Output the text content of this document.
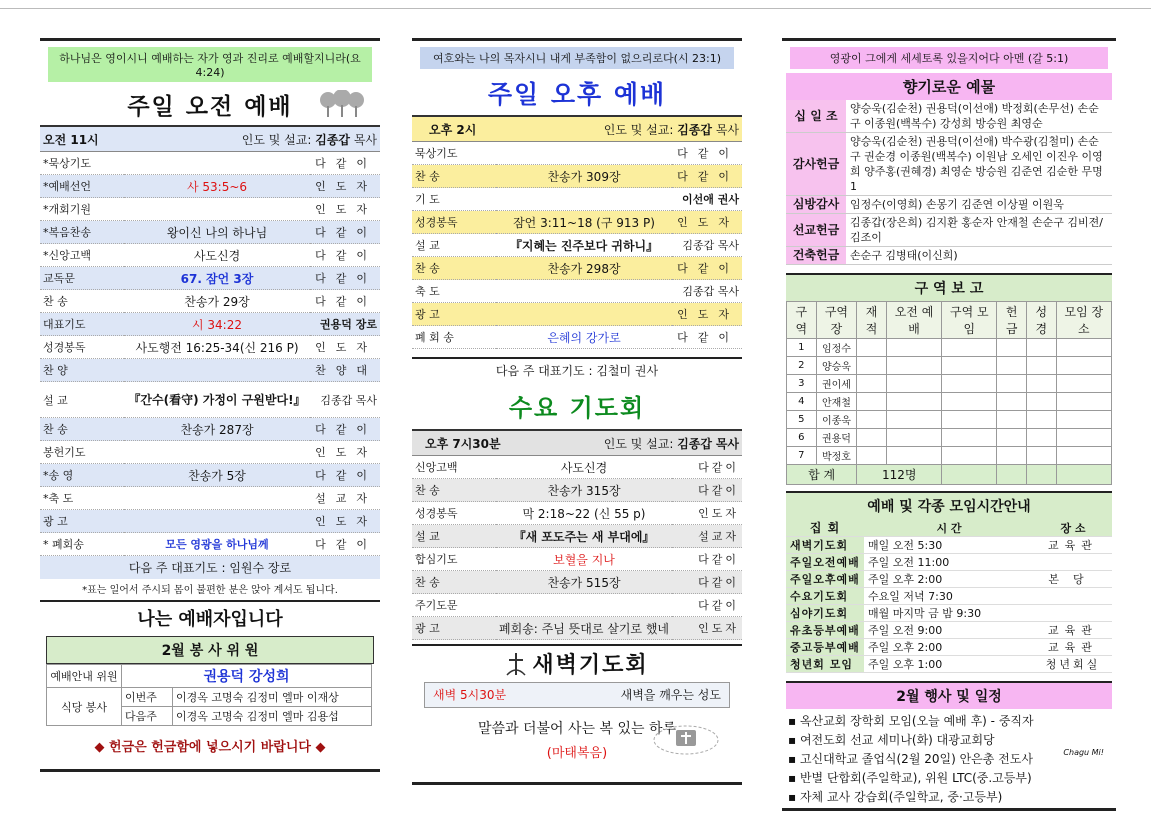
하나님은 영이시니 예배하는 자가 영과 진리로 예배할지니라(요4:24)
주일 오전 예배
오전 11시 인도 및 설교: 김종갑 목사		

*묵상기도		다같이
*예배선언	사 53:5~6	인도자
*개회기원		인도자
*복음찬송	왕이신 나의 하나님	다같이
*신앙고백	사도신경	다같이
교독문	67. 잠언 3장	다같이
찬 송	찬송가 29장	다같이
대표기도	시 34:22	권용덕 장로
성경봉독	사도행전 16:25-34(신 216 P)	인도자
찬 양		찬양대
설 교	『간수(看守) 가정이 구원받다!』	김종갑 목사
찬 송	찬송가 287장	다같이
봉헌기도		인도자
*송 영	찬송가 5장	다같이
*축 도		설교자
광 고		인도자
* 폐회송	모든 영광을 하나님께	다같이
다음 주 대표기도 : 임원수 장로
*표는 일어서 주시되 몸이 불편한 분은 앉아 계셔도 됩니다.
나는 예배자입니다
2월 봉 사 위 원
예배안내 위원	권용덕 강성희	
식당 봉사	이번주	이경옥 고명숙 김정미 엘마 이재상
	다음주	이경옥 고명숙 김정미 엘마 김용섭
◆ 헌금은 헌금함에 넣으시기 바랍니다 ◆
여호와는 나의 목자시니 내게 부족함이 없으리로다(시 23:1)
주일 오후 예배
오후 2시 인도 및 설교: 김종갑 목사		

묵상기도		다같이
찬 송	찬송가 309장	다같이
기 도		이선애 권사
성경봉독	잠언 3:11~18 (구 913 P)	인도자
설 교	『지혜는 진주보다 귀하니』	김종갑 목사
찬 송	찬송가 298장	다같이
축 도		김종갑 목사
광 고		인도자
폐 회 송	은혜의 강가로	다같이
다음 주 대표기도 : 김철미 권사
수요 기도회
오후 7시30분 인도 및 설교: 김종갑 목사		

신앙고백	사도신경	다같이
찬 송	찬송가 315장	다같이
성경봉독	막 2:18~22 (신 55 p)	인도자
설 교	『새 포도주는 새 부대에』	설교자
합심기도	보혈을 지나	다같이
찬 송	찬송가 515장	다같이
주기도문		다같이
광 고	폐회송: 주님 뜻대로 살기로 했네	인도자
새벽기도회
새벽 5시30분	새벽을 깨우는 성도
말씀과 더불어 사는 복 있는 하루
(마태복음)
영광이 그에게 세세토록 있을지어다 아멘 (갈 5:1)
향기로운 예물
십 일 조	양승욱(김순천) 권용덕(이선애) 박정회(손무선) 손순구 이종원(백복수) 강성희 방승원 최영순
감사헌금	양승욱(김순천) 권용덕(이선애) 박수광(김철미) 손순구 권순경 이종원(백복수) 이원남 오세인 이진우 이영희 양주홍(권혜경) 최영순 방승원 김준연 김순한 무명1
심방감사	임정수(이영희) 손몽기 김준연 이상필 이원욱
선교헌금	김종갑(장은희) 김지환 홍순자 안재철 손순구 김비젼/김조이
건축헌금	손순구 김병태(이신희)
구 역 보 고
구역	구역장	재적	오전 예배	구역 모임	헌금	성경	모임 장소
1	임정수						
2	양승욱						
3	권이세						
4	안재철						
5	이종욱						
6	권용덕						
7	박정호						
합 계		112명					
예배 및 각종 모임시간안내
집 회	시 간	장 소
새벽기도회	매일 오전 5:30	교육관
주일오전예배	주일 오전 11:00	
주일오후예배	주일 오후 2:00	본당
수요기도회	수요일 저녁 7:30	
심야기도회	매월 마지막 금 밤 9:30	
유초등부예배	주일 오전 9:00	교육관
중고등부예배	주일 오후 2:00	교육관
청년회 모임	주일 오후 1:00	청년회실
2월 행사 및 일정
▪ 옥산교회 장학회 모임(오늘 예배 후) - 중직자
▪ 여전도회 선교 세미나(화) 대광교회당
▪ 고신대학교 졸업식(2월 20일) 안은총 전도사
▪ 반별 단합회(주일학교), 위원 LTC(중.고등부)
▪ 자체 교사 강습회(주일학교, 중·고등부)
Chagu Mi!
